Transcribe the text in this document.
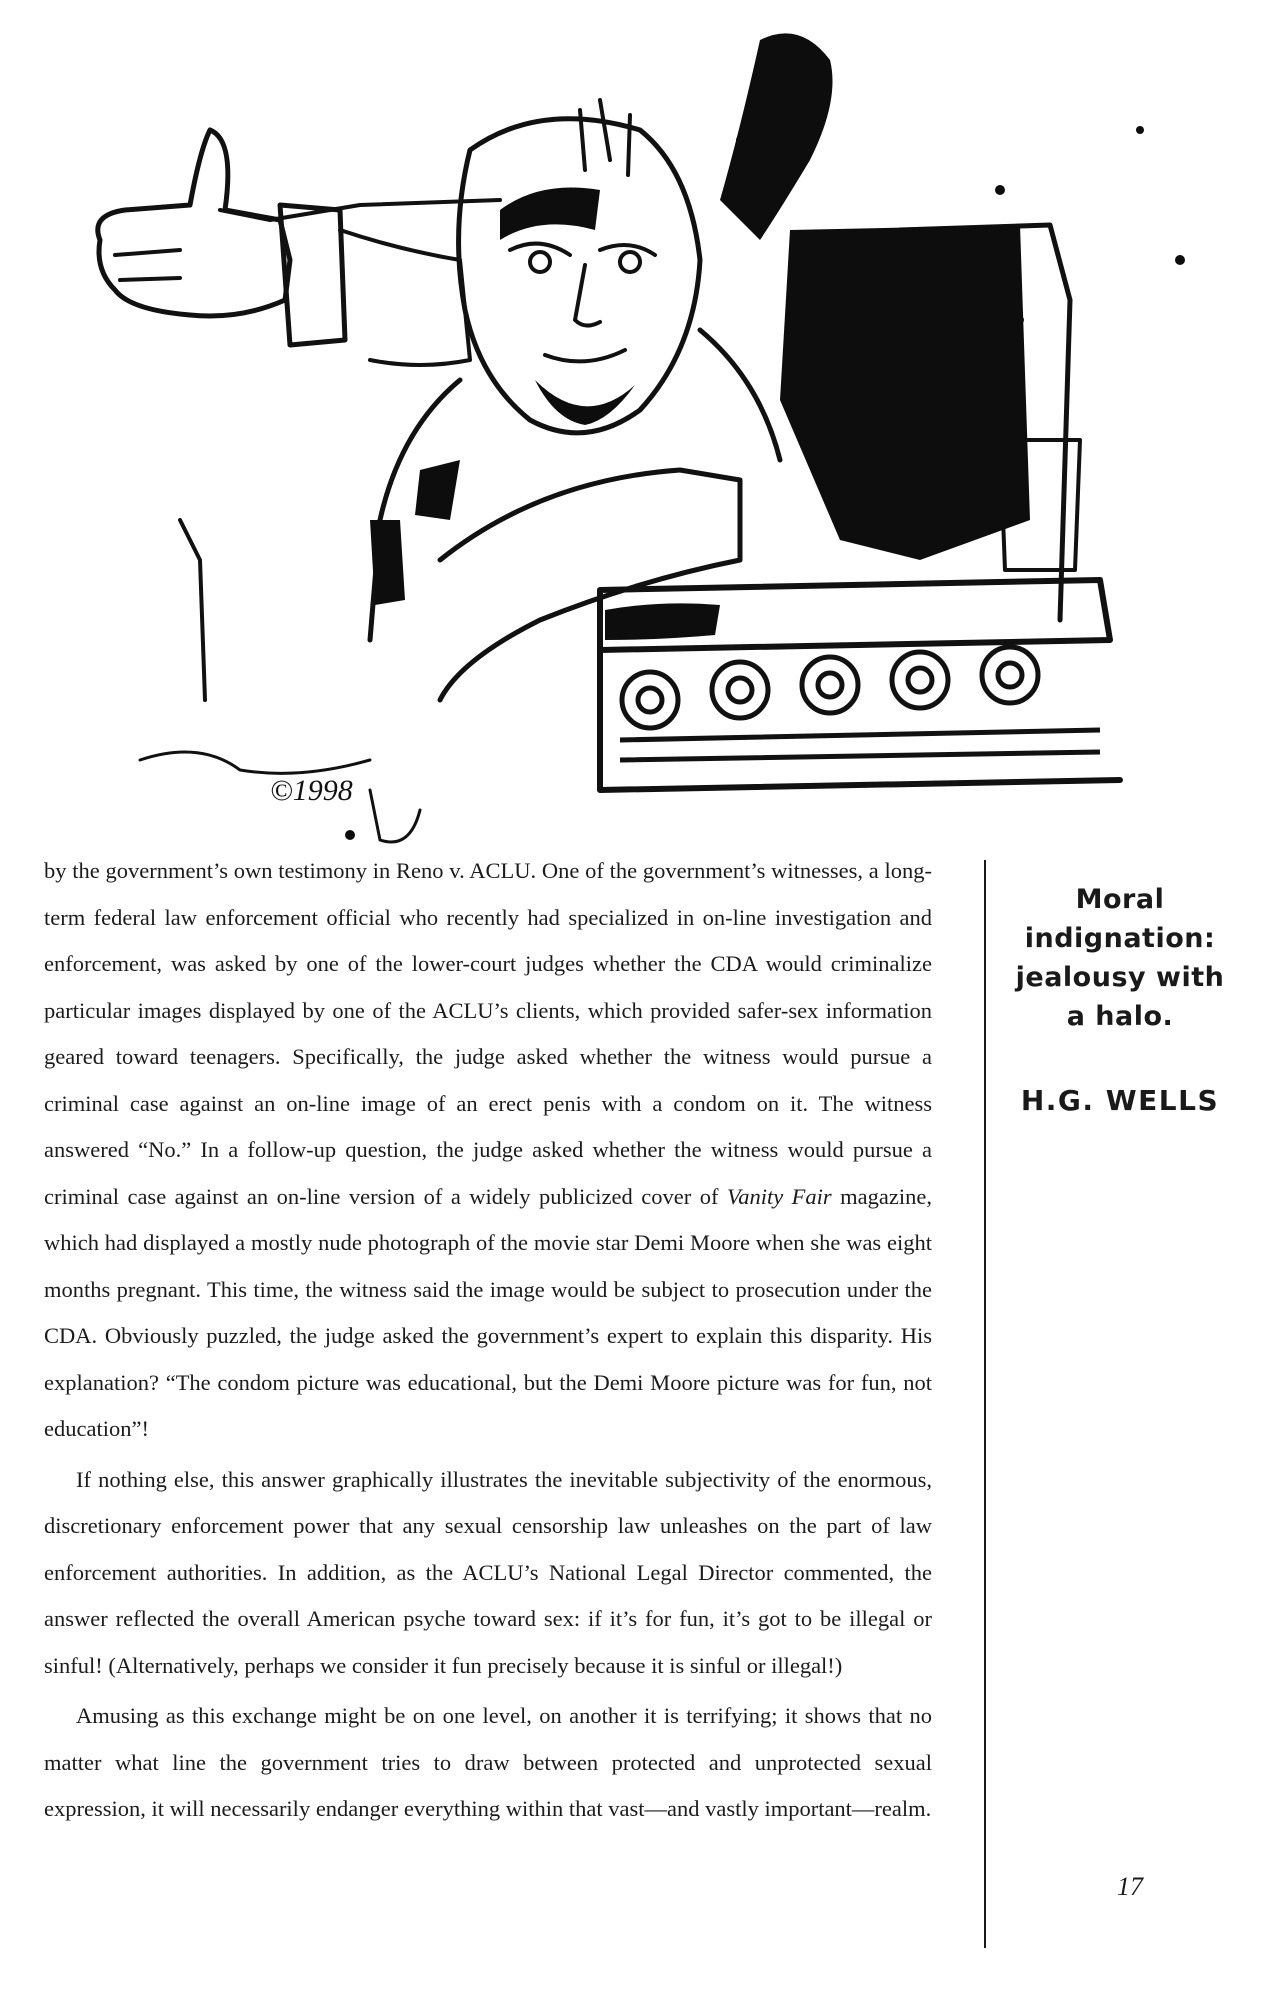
©1998

by the government’s own testimony in Reno v. ACLU. One of the government’s witnesses, a long-term federal law enforcement official who recently had specialized in on-line investigation and enforcement, was asked by one of the lower-court judges whether the CDA would criminalize particular images displayed by one of the ACLU’s clients, which provided safer-sex information geared toward teenagers. Specifically, the judge asked whether the witness would pursue a criminal case against an on-line image of an erect penis with a condom on it. The witness answered “No.” In a follow-up question, the judge asked whether the witness would pursue a criminal case against an on-line version of a widely publicized cover of Vanity Fair magazine, which had displayed a mostly nude photograph of the movie star Demi Moore when she was eight months pregnant. This time, the witness said the image would be subject to prosecution under the CDA. Obviously puzzled, the judge asked the government’s expert to explain this disparity. His explanation? “The condom picture was educational, but the Demi Moore picture was for fun, not education”!

If nothing else, this answer graphically illustrates the inevitable subjectivity of the enormous, discretionary enforcement power that any sexual censorship law unleashes on the part of law enforcement authorities. In addition, as the ACLU’s National Legal Director commented, the answer reflected the overall American psyche toward sex: if it’s for fun, it’s got to be illegal or sinful! (Alternatively, perhaps we consider it fun precisely because it is sinful or illegal!)

Amusing as this exchange might be on one level, on another it is terrifying; it shows that no matter what line the government tries to draw between protected and unprotected sexual expression, it will necessarily endanger everything within that vast—and vastly important—realm.

Moral
indignation:
jealousy with
a halo.
H.G. WELLS
17
